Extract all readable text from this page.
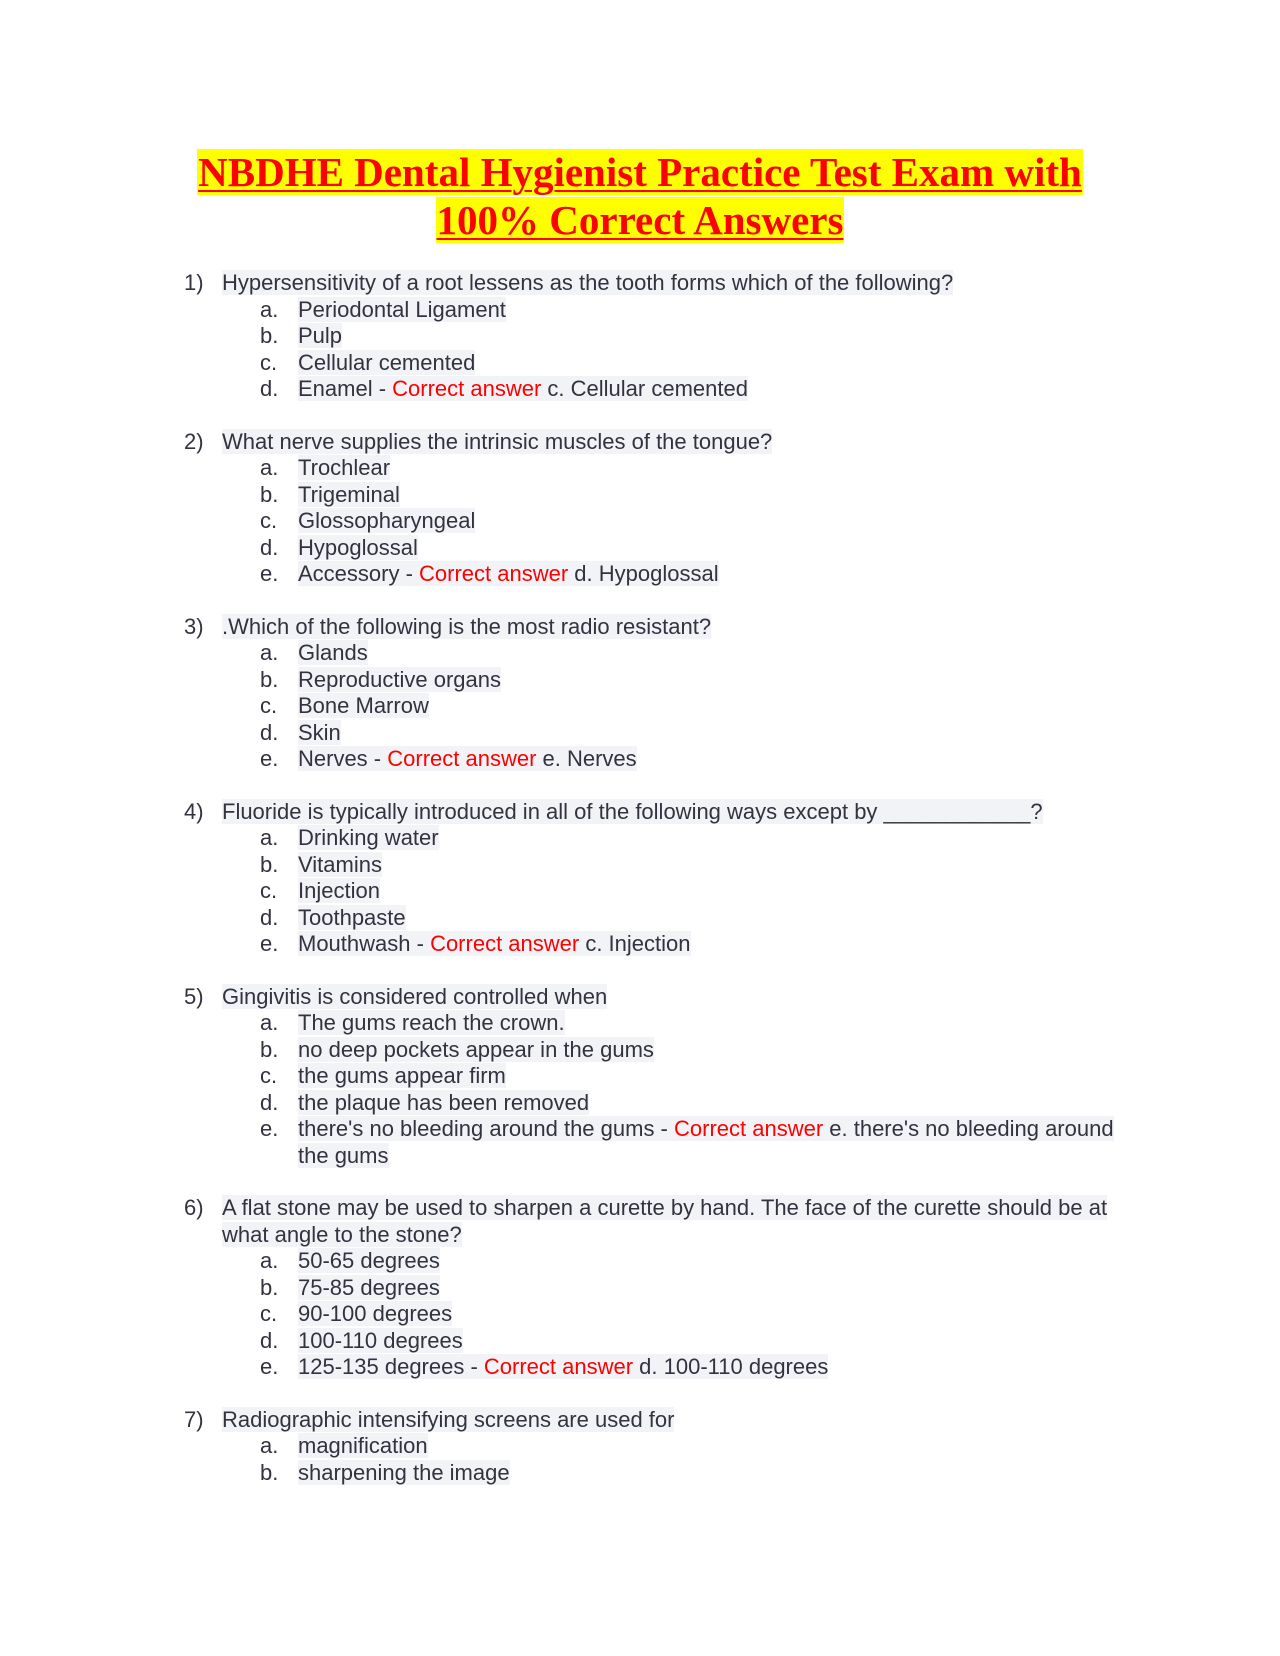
NBDHE Dental Hygienist Practice Test Exam with
100% Correct Answers
1) Hypersensitivity of a root lessens as the tooth forms which of the following?
a. Periodontal Ligament
b. Pulp
c. Cellular cemented
d. Enamel - Correct answer c. Cellular cemented
2) What nerve supplies the intrinsic muscles of the tongue?
a. Trochlear
b. Trigeminal
c. Glossopharyngeal
d. Hypoglossal
e. Accessory - Correct answer d. Hypoglossal
3) .Which of the following is the most radio resistant?
a. Glands
b. Reproductive organs
c. Bone Marrow
d. Skin
e. Nerves - Correct answer e. Nerves
4) Fluoride is typically introduced in all of the following ways except by ____________?
a. Drinking water
b. Vitamins
c. Injection
d. Toothpaste
e. Mouthwash - Correct answer c. Injection
5) Gingivitis is considered controlled when
a. The gums reach the crown.
b. no deep pockets appear in the gums
c. the gums appear firm
d. the plaque has been removed
e. there's no bleeding around the gums - Correct answer e. there's no bleeding around the gums
6) A flat stone may be used to sharpen a curette by hand. The face of the curette should be at what angle to the stone?
a. 50-65 degrees
b. 75-85 degrees
c. 90-100 degrees
d. 100-110 degrees
e. 125-135 degrees - Correct answer d. 100-110 degrees
7) Radiographic intensifying screens are used for
a. magnification
b. sharpening the image
